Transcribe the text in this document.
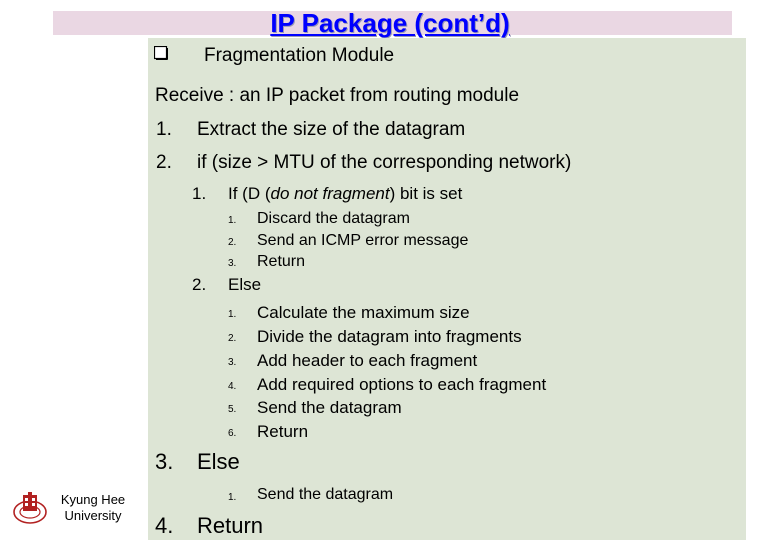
IP Package (cont’d)
Fragmentation Module
Receive : an IP packet from routing module
1. Extract the size of the datagram
2. if (size > MTU of the corresponding network)
1. If (D (do not fragment) bit is set
1. Discard the datagram
2. Send an ICMP error message
3. Return
2. Else
1. Calculate the maximum size
2. Divide the datagram into fragments
3. Add header to each fragment
4. Add required options to each fragment
5. Send the datagram
6. Return
3. Else
1. Send the datagram
4. Return
Kyung Hee
University
